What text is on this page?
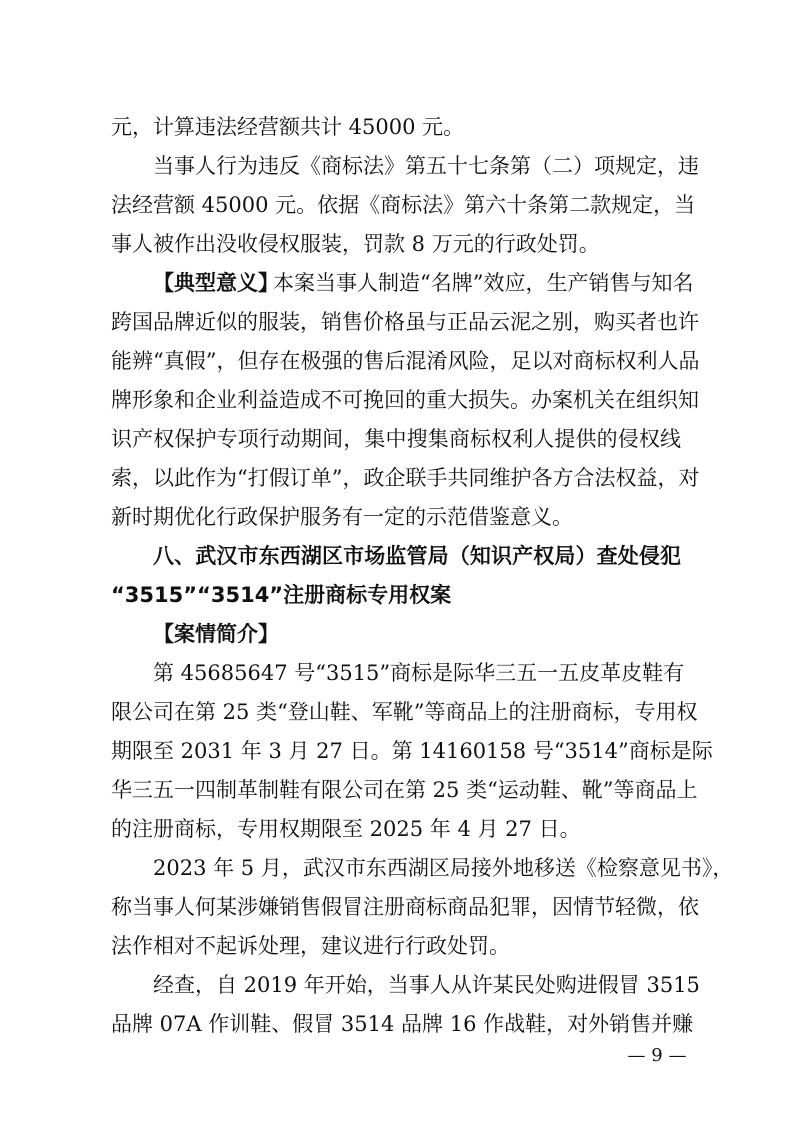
元，计算违法经营额共计 45000 元。
当事人行为违反《商标法》第五十七条第（二）项规定，违
法经营额 45000 元。依据《商标法》第六十条第二款规定，当
事人被作出没收侵权服装，罚款 8 万元的行政处罚。
【典型意义】
本案当事人制造“名牌”效应，生产销售与知名
跨国品牌近似的服装，销售价格虽与正品云泥之别，购买者也许
能辨“真假”，但存在极强的售后混淆风险，足以对商标权利人品
牌形象和企业利益造成不可挽回的重大损失。办案机关在组织知
识产权保护专项行动期间，集中搜集商标权利人提供的侵权线
索，以此作为“打假订单”，政企联手共同维护各方合法权益，对
新时期优化行政保护服务有一定的示范借鉴意义。
八、武汉市东西湖区市场监管局（知识产权局）查处侵犯
“3515”“3514”注册商标专用权案
【案情简介】
第 45685647 号“3515”商标是际华三五一五皮革皮鞋有
限公司在第 25 类“登山鞋、军靴”等商品上的注册商标，专用权
期限至 2031 年 3 月 27 日。第 14160158 号“3514”商标是际
华三五一四制革制鞋有限公司在第 25 类“运动鞋、靴”等商品上
的注册商标，专用权期限至 2025 年 4 月 27 日。
2023 年 5 月，武汉市东西湖区局接外地移送《检察意见书》，
称当事人何某涉嫌销售假冒注册商标商品犯罪，因情节轻微，依
法作相对不起诉处理，建议进行行政处罚。
经查，自 2019 年开始，当事人从许某民处购进假冒 3515
品牌 07A 作训鞋、假冒 3514 品牌 16 作战鞋，对外销售并赚
— 9 —
